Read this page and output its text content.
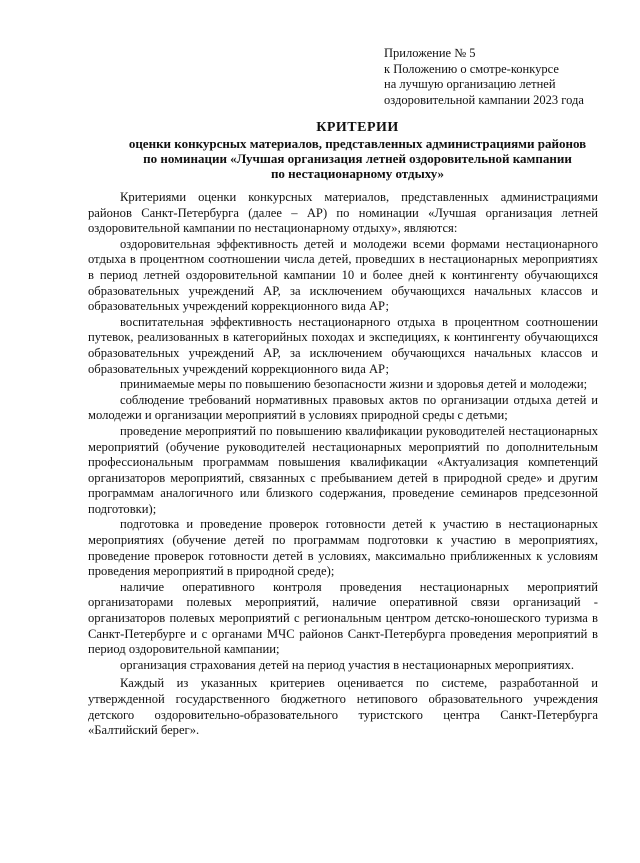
Приложение № 5
к Положению о смотре-конкурсе
на лучшую организацию летней
оздоровительной кампании 2023 года
КРИТЕРИИ
оценки конкурсных материалов, представленных администрациями районов
по номинации «Лучшая организация летней оздоровительной кампании
по нестационарному отдыху»

Критериями оценки конкурсных материалов, представленных администрациями районов Санкт-Петербурга (далее – АР) по номинации «Лучшая организация летней оздоровительной кампании по нестационарному отдыху», являются:

оздоровительная эффективность детей и молодежи всеми формами нестационарного отдыха в процентном соотношении числа детей, проведших в нестационарных мероприятиях в период летней оздоровительной кампании 10 и более дней к контингенту обучающихся образовательных учреждений АР, за исключением обучающихся начальных классов и образовательных учреждений коррекционного вида АР;

воспитательная эффективность нестационарного отдыха в процентном соотношении путевок, реализованных в категорийных походах и экспедициях, к контингенту обучающихся образовательных учреждений АР, за исключением обучающихся начальных классов и образовательных учреждений коррекционного вида АР;

принимаемые меры по повышению безопасности жизни и здоровья детей и молодежи;

соблюдение требований нормативных правовых актов по организации отдыха детей и молодежи и организации мероприятий в условиях природной среды с детьми;

проведение мероприятий по повышению квалификации руководителей нестационарных мероприятий (обучение руководителей нестационарных мероприятий по дополнительным профессиональным программам повышения квалификации «Актуализация компетенций организаторов мероприятий, связанных с пребыванием детей в природной среде» и другим программам аналогичного или близкого содержания, проведение семинаров предсезонной подготовки);

подготовка и проведение проверок готовности детей к участию в нестационарных мероприятиях (обучение детей по программам подготовки к участию в мероприятиях, проведение проверок готовности детей в условиях, максимально приближенных к условиям проведения мероприятий в природной среде);

наличие оперативного контроля проведения нестационарных мероприятий организаторами полевых мероприятий, наличие оперативной связи организаций - организаторов полевых мероприятий с региональным центром детско-юношеского туризма в Санкт-Петербурге и с органами МЧС районов Санкт-Петербурга проведения мероприятий в период оздоровительной кампании;

организация страхования детей на период участия в нестационарных мероприятиях.

Каждый из указанных критериев оценивается по системе, разработанной и утвержденной государственного бюджетного нетипового образовательного учреждения детского оздоровительно-образовательного туристского центра Санкт-Петербурга «Балтийский берег».
